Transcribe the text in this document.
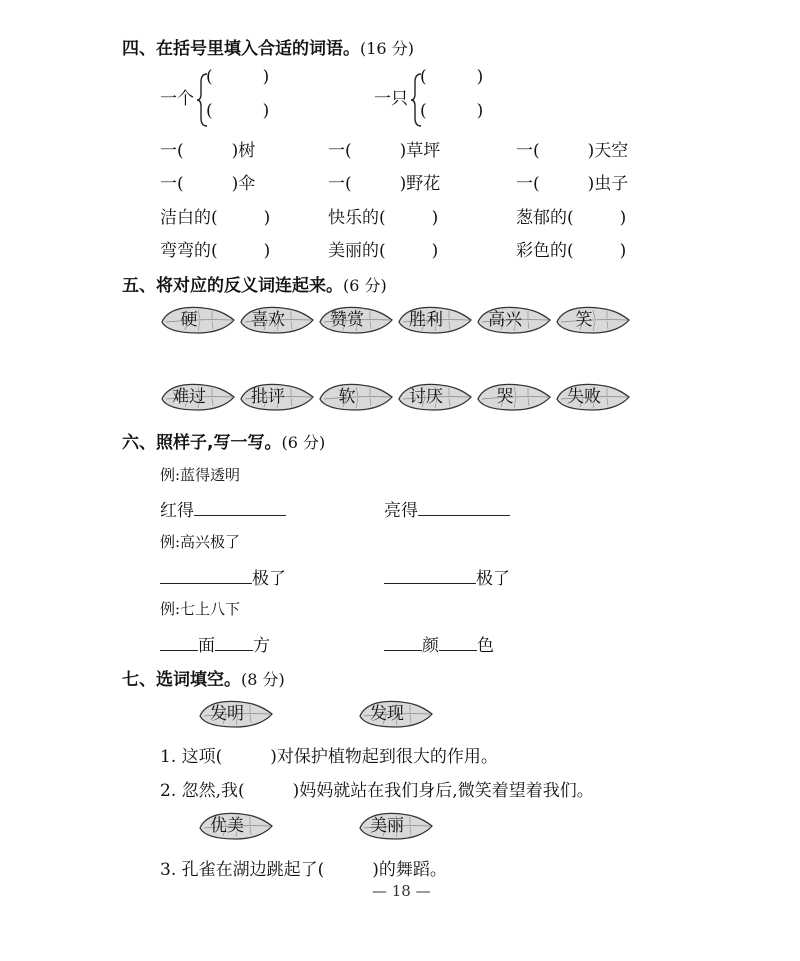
四、在括号里填入合适的词语。(16 分)
一个
(	)
(	)
一只
(	)
(	)
一(	)树	一(	)草坪	一(	)天空
一(	)伞	一(	)野花	一(	)虫子
洁白的(	)	快乐的(	)	葱郁的(	)
弯弯的(	)	美丽的(	)	彩色的(	)
五、将对应的反义词连起来。(6 分)
硬	喜欢	赞赏	胜利	高兴	笑
难过	批评	软	讨厌	哭	失败
六、照样子,写一写。(6 分)
例:蓝得透明
红得	亮得
例:高兴极了
极了	极了
例:七上八下
面 方	颜 色
七、选词填空。(8 分)
发明	发现
1. 这项(	)对保护植物起到很大的作用。
2. 忽然,我(	)妈妈就站在我们身后,微笑着望着我们。
优美	美丽
3. 孔雀在湖边跳起了(	)的舞蹈。
— 18 —
